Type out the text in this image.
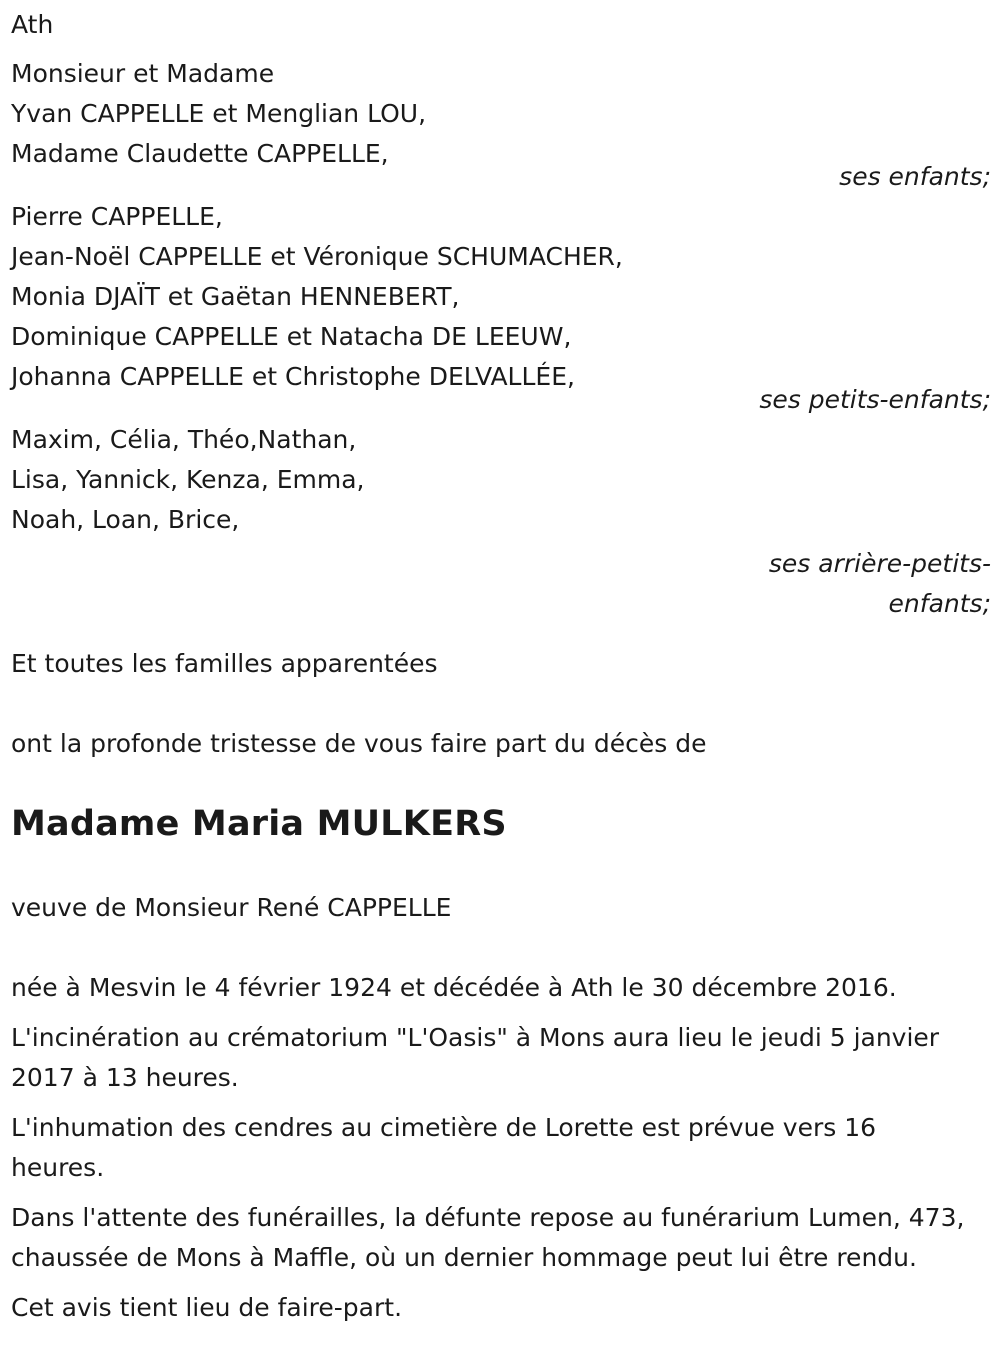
Ath

Monsieur et Madame

Yvan CAPPELLE et Menglian LOU,

Madame Claudette CAPPELLE,

ses enfants;

Pierre CAPPELLE,

Jean-Noël CAPPELLE et Véronique SCHUMACHER,

Monia DJAÏT et Gaëtan HENNEBERT,

Dominique CAPPELLE et Natacha DE LEEUW,

Johanna CAPPELLE et Christophe DELVALLÉE,

ses petits-enfants;

Maxim, Célia, Théo,Nathan,

Lisa, Yannick, Kenza, Emma,

Noah, Loan, Brice,

ses arrière-petits-

enfants;

Et toutes les familles apparentées

ont la profonde tristesse de vous faire part du décès de

Madame Maria MULKERS

veuve de Monsieur René CAPPELLE

née à Mesvin le 4 février 1924 et décédée à Ath le 30 décembre 2016.

L'incinération au crématorium "L'Oasis" à Mons aura lieu le jeudi 5 janvier 2017 à 13 heures.

L'inhumation des cendres au cimetière de Lorette est prévue vers 16 heures.

Dans l'attente des funérailles, la défunte repose au funérarium Lumen, 473, chaussée de Mons à Maffle, où un dernier hommage peut lui être rendu.

Cet avis tient lieu de faire-part.
